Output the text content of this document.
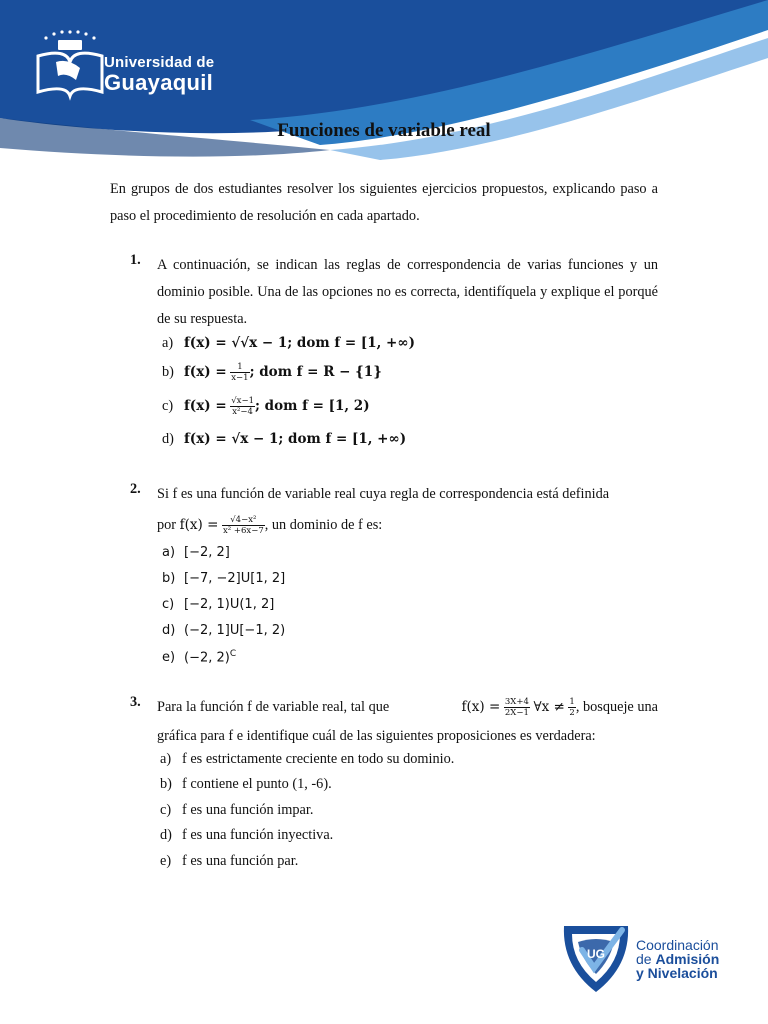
Universidad de
Guayaquil
Funciones de variable real
En grupos de dos estudiantes resolver los siguientes ejercicios propuestos, explicando paso a paso el procedimiento de resolución en cada apartado.
1. A continuación, se indican las reglas de correspondencia de varias funciones y un dominio posible. Una de las opciones no es correcta, identifíquela y explique el porqué de su respuesta.
a) f(x) = √√x − 1; dom f = [1, +∞)
b) $f(x) = \frac{1}{x-1}$ ; dom f = R − {1}
c) $f(x) = \frac{√x-1}{\text{x²−4}}$ ; dom f = [1, 2)
d) f(x) = √x − 1; dom f = [1, +∞)
2. Si f es una función de variable real cuya regla de correspondencia está definida
por $f(x) = \frac{\text{√4−x²}}{\text{x² +6x−7}}$ , un dominio de f es:
a) [−2, 2]
b) [−7, −2]U[1, 2]
c) [−2, 1)U(1, 2]
d) (−2, 1]U[−1, 2)
e) (−2, 2)$^C$
3. Para la función f de variable real, tal que	$f(x) = \frac{3X+4}{2X-1}$ ∀x ≠ $\frac{1}{2}$ , bosqueje una
gráfica para f e identifique cuál de las siguientes proposiciones es verdadera:
a) f es estrictamente creciente en todo su dominio.
b) f contiene el punto (1, -6).
c) f es una función impar.
d) f es una función inyectiva.
e) f es una función par.
UG
Coordinación
de Admisión
y Nivelación
